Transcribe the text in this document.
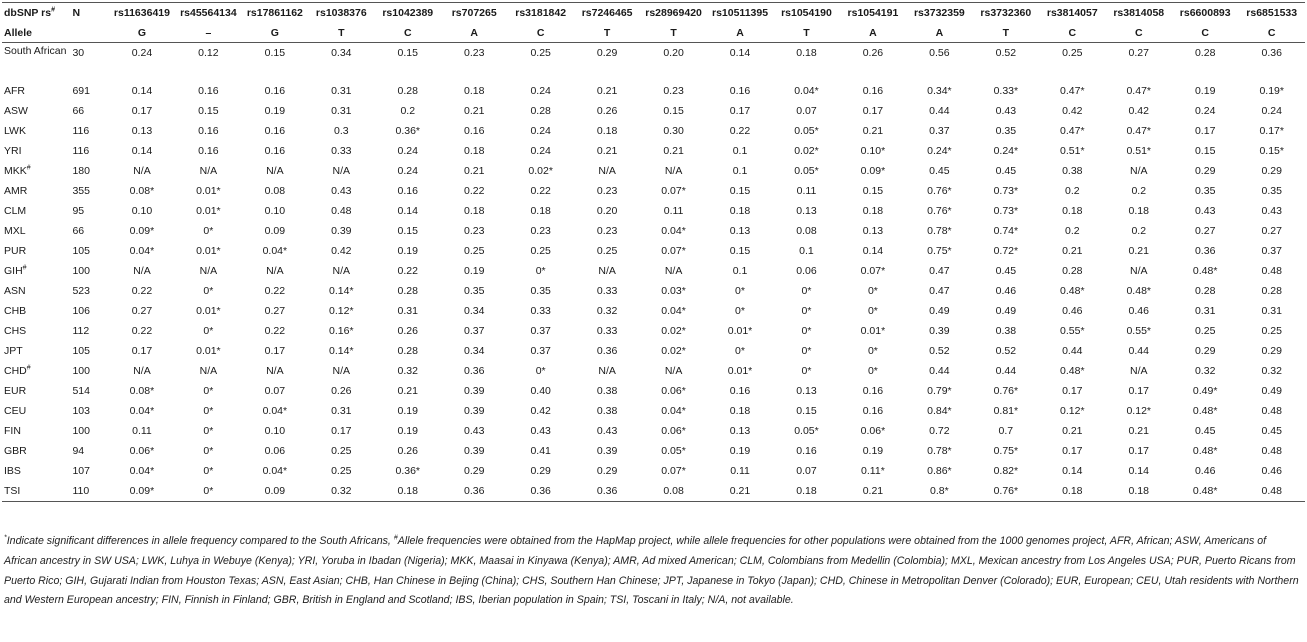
dbSNP rs#	N	rs11636419	rs45564134	rs17861162	rs1038376	rs1042389	rs707265	rs3181842	rs7246465	rs28969420	rs10511395	rs1054190	rs1054191	rs3732359	rs3732360	rs3814057	rs3814058	rs6600893	rs6851533
Allele		G	–	G	T	C	A	C	T	T	A	T	A	A	T	C	C	C	C
South African	30	0.24	0.12	0.15	0.34	0.15	0.23	0.25	0.29	0.20	0.14	0.18	0.26	0.56	0.52	0.25	0.27	0.28	0.36
AFR	691	0.14	0.16	0.16	0.31	0.28	0.18	0.24	0.21	0.23	0.16	0.04*	0.16	0.34*	0.33*	0.47*	0.47*	0.19	0.19*
ASW	66	0.17	0.15	0.19	0.31	0.2	0.21	0.28	0.26	0.15	0.17	0.07	0.17	0.44	0.43	0.42	0.42	0.24	0.24
LWK	116	0.13	0.16	0.16	0.3	0.36*	0.16	0.24	0.18	0.30	0.22	0.05*	0.21	0.37	0.35	0.47*	0.47*	0.17	0.17*
YRI	116	0.14	0.16	0.16	0.33	0.24	0.18	0.24	0.21	0.21	0.1	0.02*	0.10*	0.24*	0.24*	0.51*	0.51*	0.15	0.15*
MKK#	180	N/A	N/A	N/A	N/A	0.24	0.21	0.02*	N/A	N/A	0.1	0.05*	0.09*	0.45	0.45	0.38	N/A	0.29	0.29
AMR	355	0.08*	0.01*	0.08	0.43	0.16	0.22	0.22	0.23	0.07*	0.15	0.11	0.15	0.76*	0.73*	0.2	0.2	0.35	0.35
CLM	95	0.10	0.01*	0.10	0.48	0.14	0.18	0.18	0.20	0.11	0.18	0.13	0.18	0.76*	0.73*	0.18	0.18	0.43	0.43
MXL	66	0.09*	0*	0.09	0.39	0.15	0.23	0.23	0.23	0.04*	0.13	0.08	0.13	0.78*	0.74*	0.2	0.2	0.27	0.27
PUR	105	0.04*	0.01*	0.04*	0.42	0.19	0.25	0.25	0.25	0.07*	0.15	0.1	0.14	0.75*	0.72*	0.21	0.21	0.36	0.37
GIH#	100	N/A	N/A	N/A	N/A	0.22	0.19	0*	N/A	N/A	0.1	0.06	0.07*	0.47	0.45	0.28	N/A	0.48*	0.48
ASN	523	0.22	0*	0.22	0.14*	0.28	0.35	0.35	0.33	0.03*	0*	0*	0*	0.47	0.46	0.48*	0.48*	0.28	0.28
CHB	106	0.27	0.01*	0.27	0.12*	0.31	0.34	0.33	0.32	0.04*	0*	0*	0*	0.49	0.49	0.46	0.46	0.31	0.31
CHS	112	0.22	0*	0.22	0.16*	0.26	0.37	0.37	0.33	0.02*	0.01*	0*	0.01*	0.39	0.38	0.55*	0.55*	0.25	0.25
JPT	105	0.17	0.01*	0.17	0.14*	0.28	0.34	0.37	0.36	0.02*	0*	0*	0*	0.52	0.52	0.44	0.44	0.29	0.29
CHD#	100	N/A	N/A	N/A	N/A	0.32	0.36	0*	N/A	N/A	0.01*	0*	0*	0.44	0.44	0.48*	N/A	0.32	0.32
EUR	514	0.08*	0*	0.07	0.26	0.21	0.39	0.40	0.38	0.06*	0.16	0.13	0.16	0.79*	0.76*	0.17	0.17	0.49*	0.49
CEU	103	0.04*	0*	0.04*	0.31	0.19	0.39	0.42	0.38	0.04*	0.18	0.15	0.16	0.84*	0.81*	0.12*	0.12*	0.48*	0.48
FIN	100	0.11	0*	0.10	0.17	0.19	0.43	0.43	0.43	0.06*	0.13	0.05*	0.06*	0.72	0.7	0.21	0.21	0.45	0.45
GBR	94	0.06*	0*	0.06	0.25	0.26	0.39	0.41	0.39	0.05*	0.19	0.16	0.19	0.78*	0.75*	0.17	0.17	0.48*	0.48
IBS	107	0.04*	0*	0.04*	0.25	0.36*	0.29	0.29	0.29	0.07*	0.11	0.07	0.11*	0.86*	0.82*	0.14	0.14	0.46	0.46
TSI	110	0.09*	0*	0.09	0.32	0.18	0.36	0.36	0.36	0.08	0.21	0.18	0.21	0.8*	0.76*	0.18	0.18	0.48*	0.48
*Indicate significant differences in allele frequency compared to the South Africans, #Allele frequencies were obtained from the HapMap project, while allele frequencies for other populations were obtained from the 1000 genomes project, AFR, African; ASW, Americans of African ancestry in SW USA; LWK, Luhya in Webuye (Kenya); YRI, Yoruba in Ibadan (Nigeria); MKK, Maasai in Kinyawa (Kenya); AMR, Ad mixed American; CLM, Colombians from Medellin (Colombia); MXL, Mexican ancestry from Los Angeles USA; PUR, Puerto Ricans from Puerto Rico; GIH, Gujarati Indian from Houston Texas; ASN, East Asian; CHB, Han Chinese in Bejing (China); CHS, Southern Han Chinese; JPT, Japanese in Tokyo (Japan); CHD, Chinese in Metropolitan Denver (Colorado); EUR, European; CEU, Utah residents with Northern and Western European ancestry; FIN, Finnish in Finland; GBR, British in England and Scotland; IBS, Iberian population in Spain; TSI, Toscani in Italy; N/A, not available.
